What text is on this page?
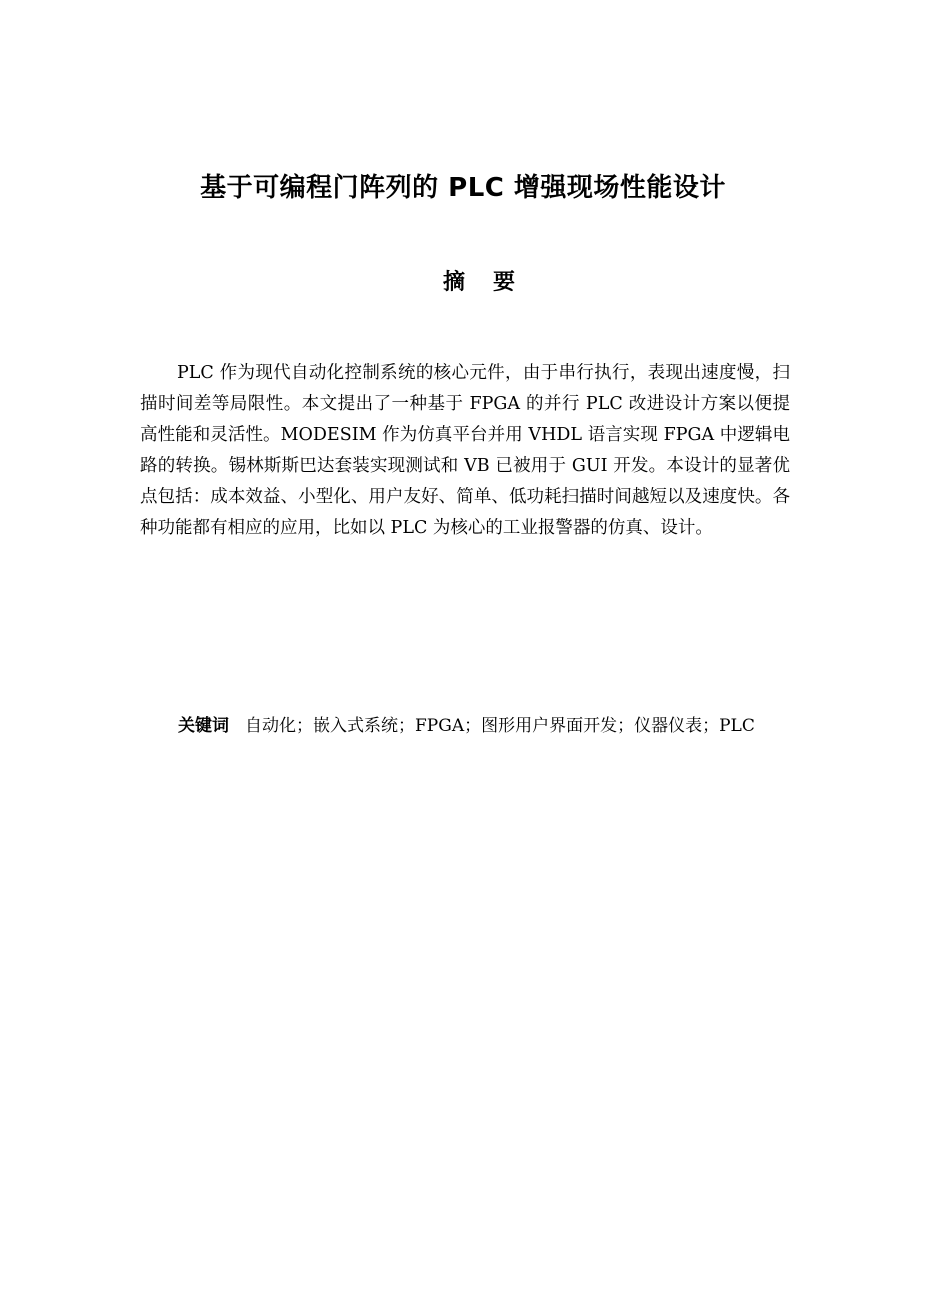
基于可编程门阵列的 PLC 增强现场性能设计
摘要

PLC 作为现代自动化控制系统的核心元件，由于串行执行，表现出速度慢，扫描时间差等局限性。本文提出了一种基于 FPGA 的并行 PLC 改进设计方案以便提高性能和灵活性。MODESIM 作为仿真平台并用 VHDL 语言实现 FPGA 中逻辑电路的转换。锡林斯斯巴达套装实现测试和 VB 已被用于 GUI 开发。本设计的显著优点包括：成本效益、小型化、用户友好、简单、低功耗扫描时间越短以及速度快。各种功能都有相应的应用，比如以 PLC 为核心的工业报警器的仿真、设计。

关键词 自动化；嵌入式系统；FPGA；图形用户界面开发；仪器仪表；PLC
